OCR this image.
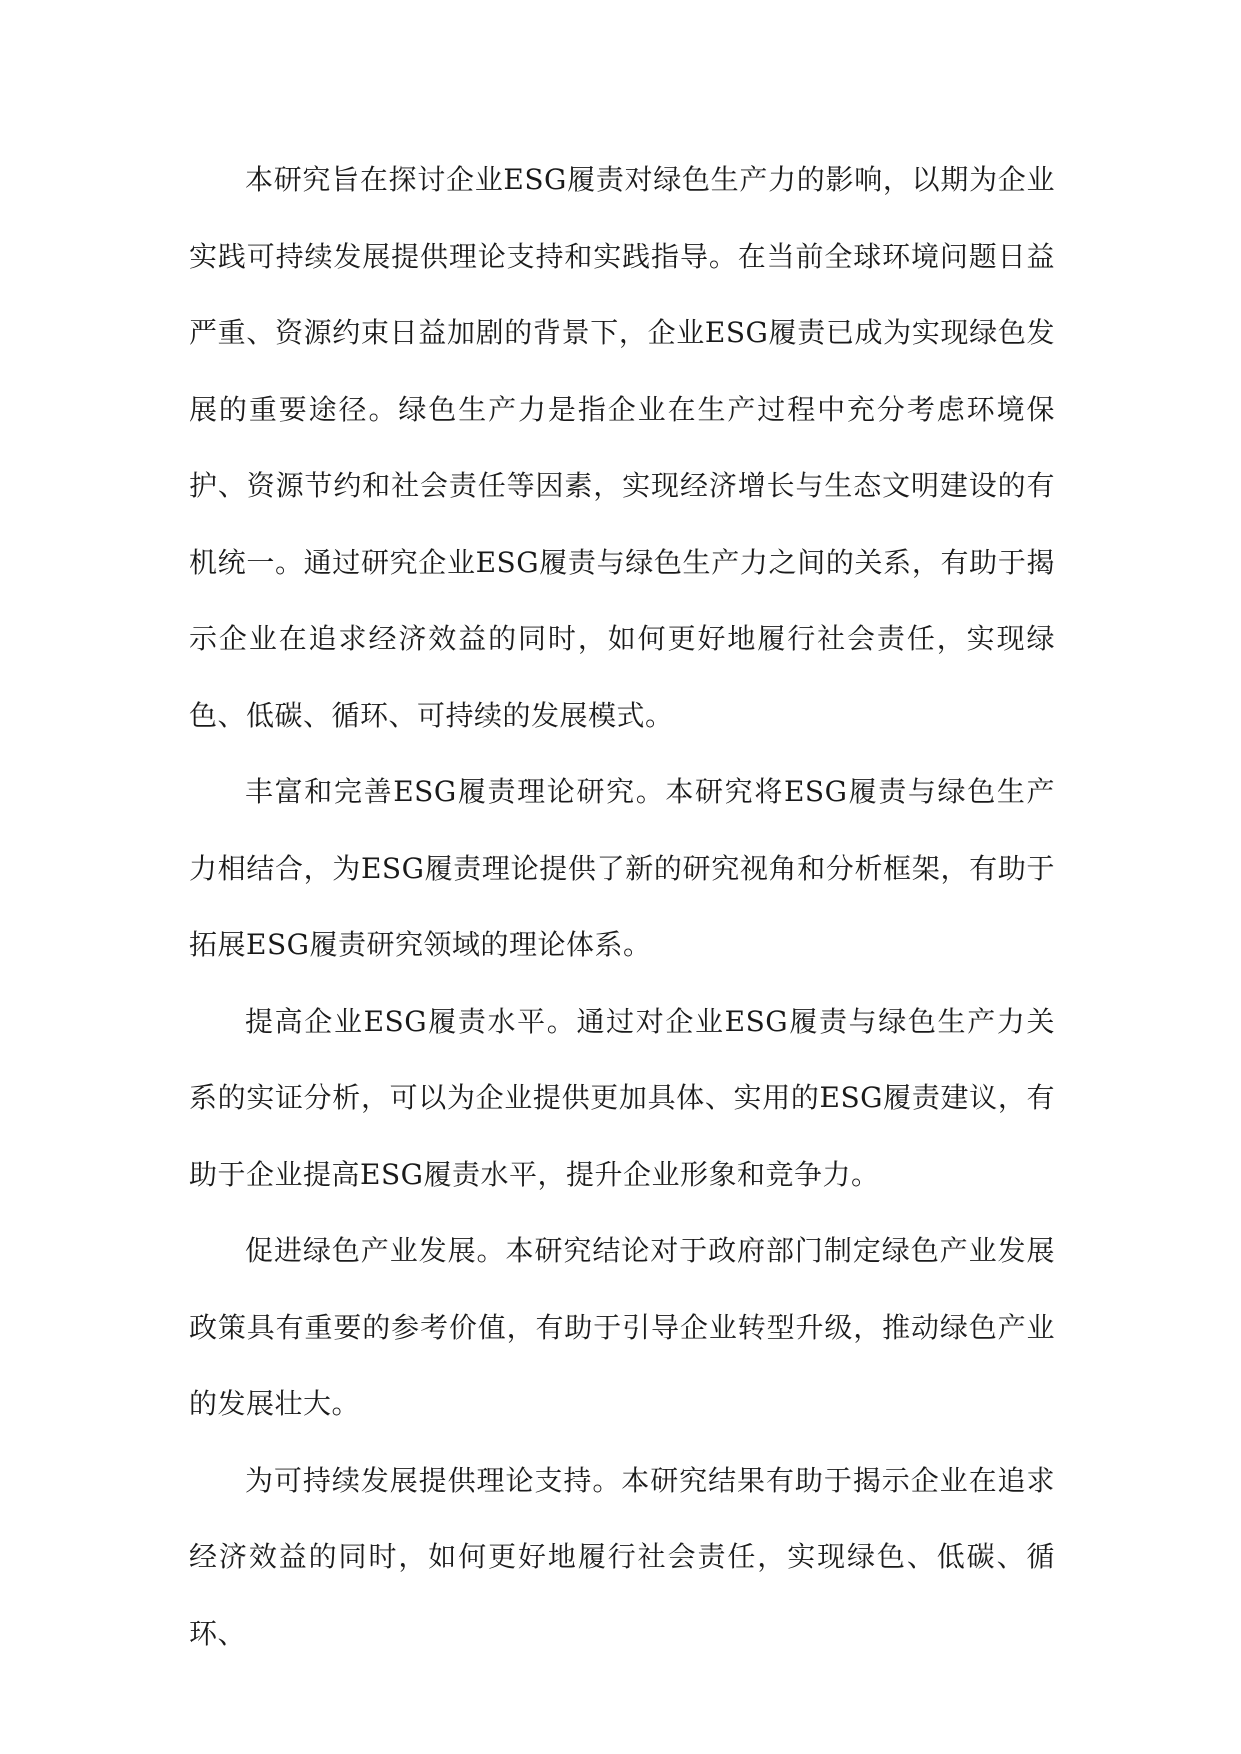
本研究旨在探讨企业ESG履责对绿色生产力的影响，以期为企业实践可持续发展提供理论支持和实践指导。在当前全球环境问题日益严重、资源约束日益加剧的背景下，企业ESG履责已成为实现绿色发展的重要途径。绿色生产力是指企业在生产过程中充分考虑环境保护、资源节约和社会责任等因素，实现经济增长与生态文明建设的有机统一。通过研究企业ESG履责与绿色生产力之间的关系，有助于揭示企业在追求经济效益的同时，如何更好地履行社会责任，实现绿色、低碳、循环、可持续的发展模式。

丰富和完善ESG履责理论研究。本研究将ESG履责与绿色生产力相结合，为ESG履责理论提供了新的研究视角和分析框架，有助于拓展ESG履责研究领域的理论体系。

提高企业ESG履责水平。通过对企业ESG履责与绿色生产力关系的实证分析，可以为企业提供更加具体、实用的ESG履责建议，有助于企业提高ESG履责水平，提升企业形象和竞争力。

促进绿色产业发展。本研究结论对于政府部门制定绿色产业发展政策具有重要的参考价值，有助于引导企业转型升级，推动绿色产业的发展壮大。

为可持续发展提供理论支持。本研究结果有助于揭示企业在追求经济效益的同时，如何更好地履行社会责任，实现绿色、低碳、循环、
